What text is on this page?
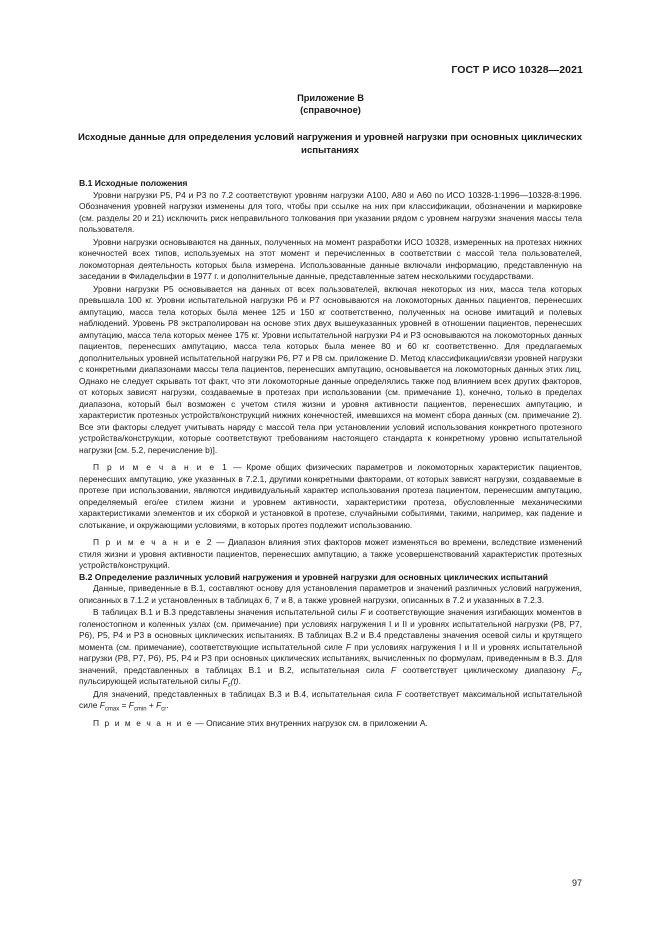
ГОСТ Р ИСО 10328—2021
Приложение В
(справочное)
Исходные данные для определения условий нагружения и уровней нагрузки при основных циклических испытаниях
В.1 Исходные положения

Уровни нагрузки Р5, Р4 и Р3 по 7.2 соответствуют уровням нагрузки А100, А80 и А60 по ИСО 10328-1:1996—10328-8:1996. Обозначения уровней нагрузки изменены для того, чтобы при ссылке на них при классификации, обозначении и маркировке (см. разделы 20 и 21) исключить риск неправильного толкования при указании рядом с уровнем нагрузки значения массы тела пользователя.

Уровни нагрузки основываются на данных, полученных на момент разработки ИСО 10328, измеренных на протезах нижних конечностей всех типов, используемых на этот момент и перечисленных в соответствии с массой тела пользователей, локомоторная деятельность которых была измерена. Использованные данные включали информацию, представленную на заседании в Филадельфии в 1977 г. и дополнительные данные, представленные затем несколькими государствами.

Уровни нагрузки Р5 основывается на данных от всех пользователей, включая некоторых из них, масса тела которых превышала 100 кг. Уровни испытательной нагрузки Р6 и Р7 основываются на локомоторных данных пациентов, перенесших ампутацию, масса тела которых была менее 125 и 150 кг соответственно, полученных на основе имитаций и полевых наблюдений. Уровень Р8 экстраполирован на основе этих двух вышеуказанных уровней в отношении пациентов, перенесших ампутацию, масса тела которых менее 175 кг. Уровни испытательной нагрузки Р4 и Р3 основываются на локомоторных данных пациентов, перенесших ампутацию, масса тела которых была менее 80 и 60 кг соответственно. Для предлагаемых дополнительных уровней испытательной нагрузки Р6, Р7 и Р8 см. приложение D. Метод классификации/связи уровней нагрузки с конкретными диапазонами массы тела пациентов, перенесших ампутацию, основывается на локомоторных данных этих лиц. Однако не следует скрывать тот факт, что эти локомоторные данные определялись также под влиянием всех других факторов, от которых зависят нагрузки, создаваемые в протезах при использовании (см. примечание 1), конечно, только в пределах диапазона, который был возможен с учетом стиля жизни и уровня активности пациентов, перенесших ампутацию, и характеристик протезных устройств/конструкций нижних конечностей, имевшихся на момент сбора данных (см. примечание 2). Все эти факторы следует учитывать наряду с массой тела при установлении условий использования конкретного протезного устройства/конструкции, которые соответствуют требованиям настоящего стандарта к конкретному уровню испытательной нагрузки [см. 5.2, перечисление b)].

П р и м е ч а н и е 1 — Кроме общих физических параметров и локомоторных характеристик пациентов, перенесших ампутацию, уже указанных в 7.2.1, другими конкретными факторами, от которых зависят нагрузки, создаваемые в протезе при использовании, являются индивидуальный характер использования протеза пациентом, перенесшим ампутацию, определяемый его/ее стилем жизни и уровнем активности, характеристики протеза, обусловленные механическими характеристиками элементов и их сборкой и установкой в протезе, случайными событиями, такими, например, как падение и слотыкание, и окружающими условиями, в которых протез подлежит использованию.

П р и м е ч а н и е 2 — Диапазон влияния этих факторов может изменяться во времени, вследствие изменений стиля жизни и уровня активности пациентов, перенесших ампутацию, а также усовершенствований характеристик протезных устройств/конструкций.

В.2 Определение различных условий нагружения и уровней нагрузки для основных циклических испытаний

Данные, приведенные в В.1, составляют основу для установления параметров и значений различных условий нагружения, описанных в 7.1.2 и установленных в таблицах 6, 7 и 8, а также уровней нагрузки, описанных в 7.2 и указанных в 7.2.3.

В таблицах В.1 и В.3 представлены значения испытательной силы F и соответствующие значения изгибающих моментов в голеностопном и коленных узлах (см. примечание) при условиях нагружения I и II и уровнях испытательной нагрузки (Р8, Р7, Р6), Р5, Р4 и Р3 в основных циклических испытаниях. В таблицах В.2 и В.4 представлены значения осевой силы и крутящего момента (см. примечание), соответствующие испытательной силе F при условиях нагружения I и II и уровнях испытательной нагрузки (Р8, Р7, Р6), Р5, Р4 и Р3 при основных циклических испытаниях, вычисленных по формулам, приведенным в В.3. Для значений, представленных в таблицах В.1 и В.2, испытательная сила F соответствует циклическому диапазону $F_{cr}$ пульсирующей испытательной силы $F_c(t)$.

Для значений, представленных в таблицах В.3 и В.4, испытательная сила F соответствует максимальной испытательной силе $F_{cmax} = F_{cmin} + F_{cr}$.

П р и м е ч а н и е — Описание этих внутренних нагрузок см. в приложении А.

97
